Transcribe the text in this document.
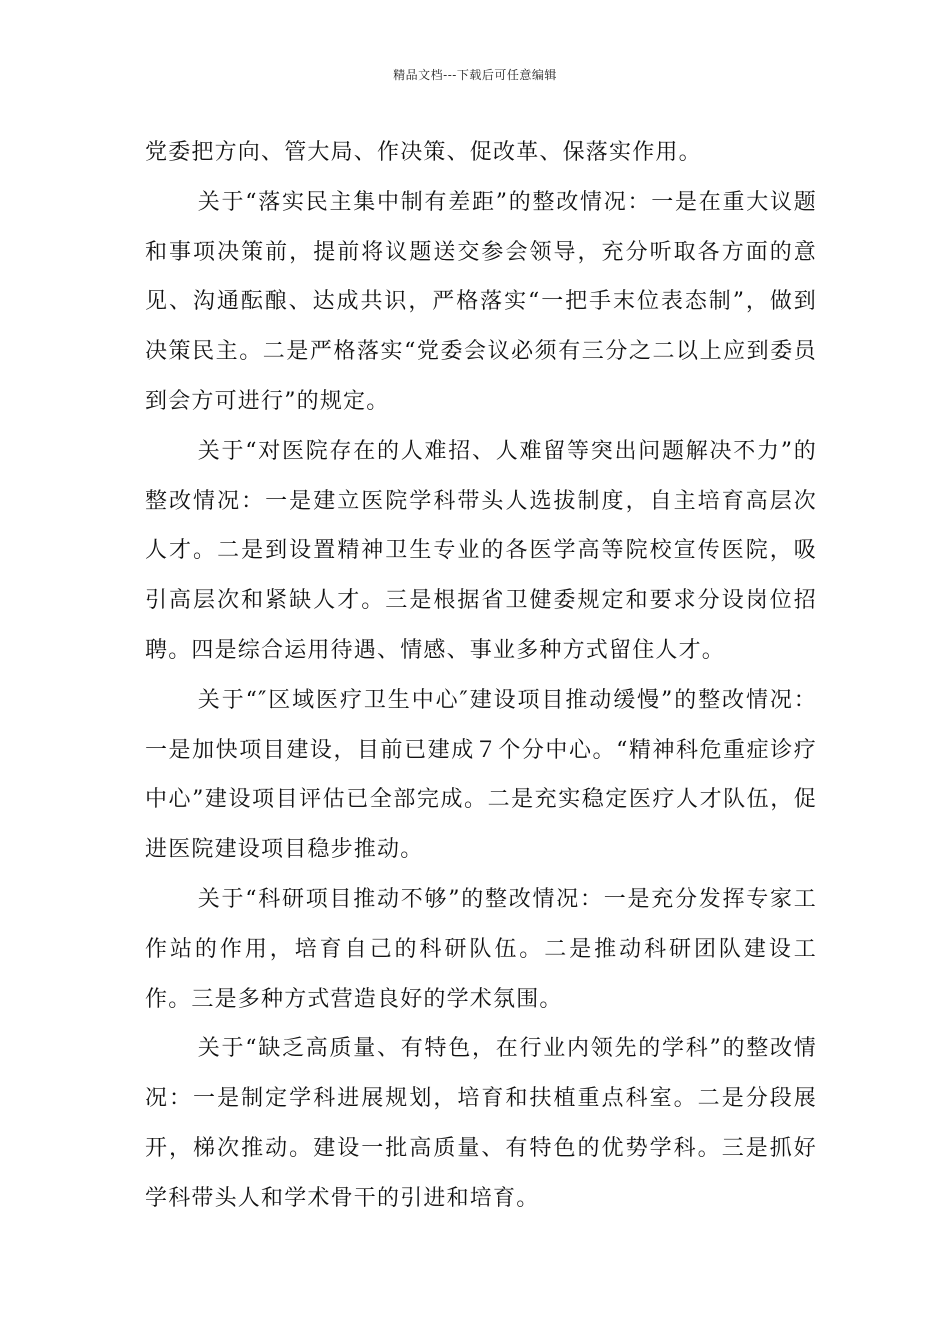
精品文档---下载后可任意编辑

党委把方向、管大局、作决策、促改革、保落实作用。

关于“落实民主集中制有差距”的整改情况：一是在重大议题和事项决策前，提前将议题送交参会领导，充分听取各方面的意见、沟通酝酿、达成共识，严格落实“一把手末位表态制”，做到决策民主。二是严格落实“党委会议必须有三分之二以上应到委员到会方可进行”的规定。

关于“对医院存在的人难招、人难留等突出问题解决不力”的整改情况：一是建立医院学科带头人选拔制度，自主培育高层次人才。二是到设置精神卫生专业的各医学高等院校宣传医院，吸引高层次和紧缺人才。三是根据省卫健委规定和要求分设岗位招聘。四是综合运用待遇、情感、事业多种方式留住人才。

关于“″区域医疗卫生中心″建设项目推动缓慢”的整改情况：一是加快项目建设，目前已建成７个分中心。“精神科危重症诊疗中心”建设项目评估已全部完成。二是充实稳定医疗人才队伍，促进医院建设项目稳步推动。

关于“科研项目推动不够”的整改情况：一是充分发挥专家工作站的作用，培育自己的科研队伍。二是推动科研团队建设工作。三是多种方式营造良好的学术氛围。

关于“缺乏高质量、有特色，在行业内领先的学科”的整改情况：一是制定学科进展规划，培育和扶植重点科室。二是分段展开，梯次推动。建设一批高质量、有特色的优势学科。三是抓好学科带头人和学术骨干的引进和培育。
